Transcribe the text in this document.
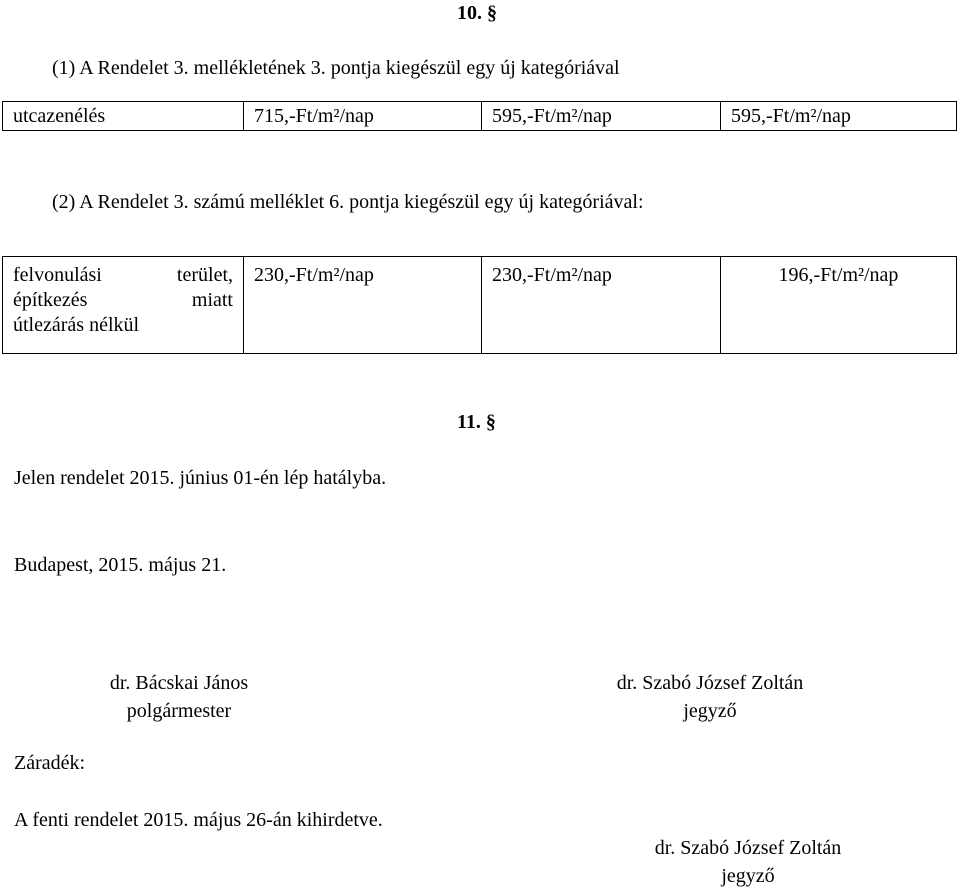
10. §
(1) A Rendelet 3. mellékletének 3. pontja kiegészül egy új kategóriával
utcazenélés	715,-Ft/m²/nap	595,-Ft/m²/nap	595,-Ft/m²/nap
(2) A Rendelet 3. számú melléklet 6. pontja kiegészül egy új kategóriával:
felvonulási terület,
építkezés miatt
útlezárás nélkül
	230,-Ft/m²/nap	230,-Ft/m²/nap	196,-Ft/m²/nap
11. §
Jelen rendelet 2015. június 01-én lép hatályba.
Budapest, 2015. május 21.
dr. Bácskai János
polgármester
dr. Szabó József Zoltán
jegyző
Záradék:
A fenti rendelet 2015. május 26-án kihirdetve.
dr. Szabó József Zoltán
jegyző
